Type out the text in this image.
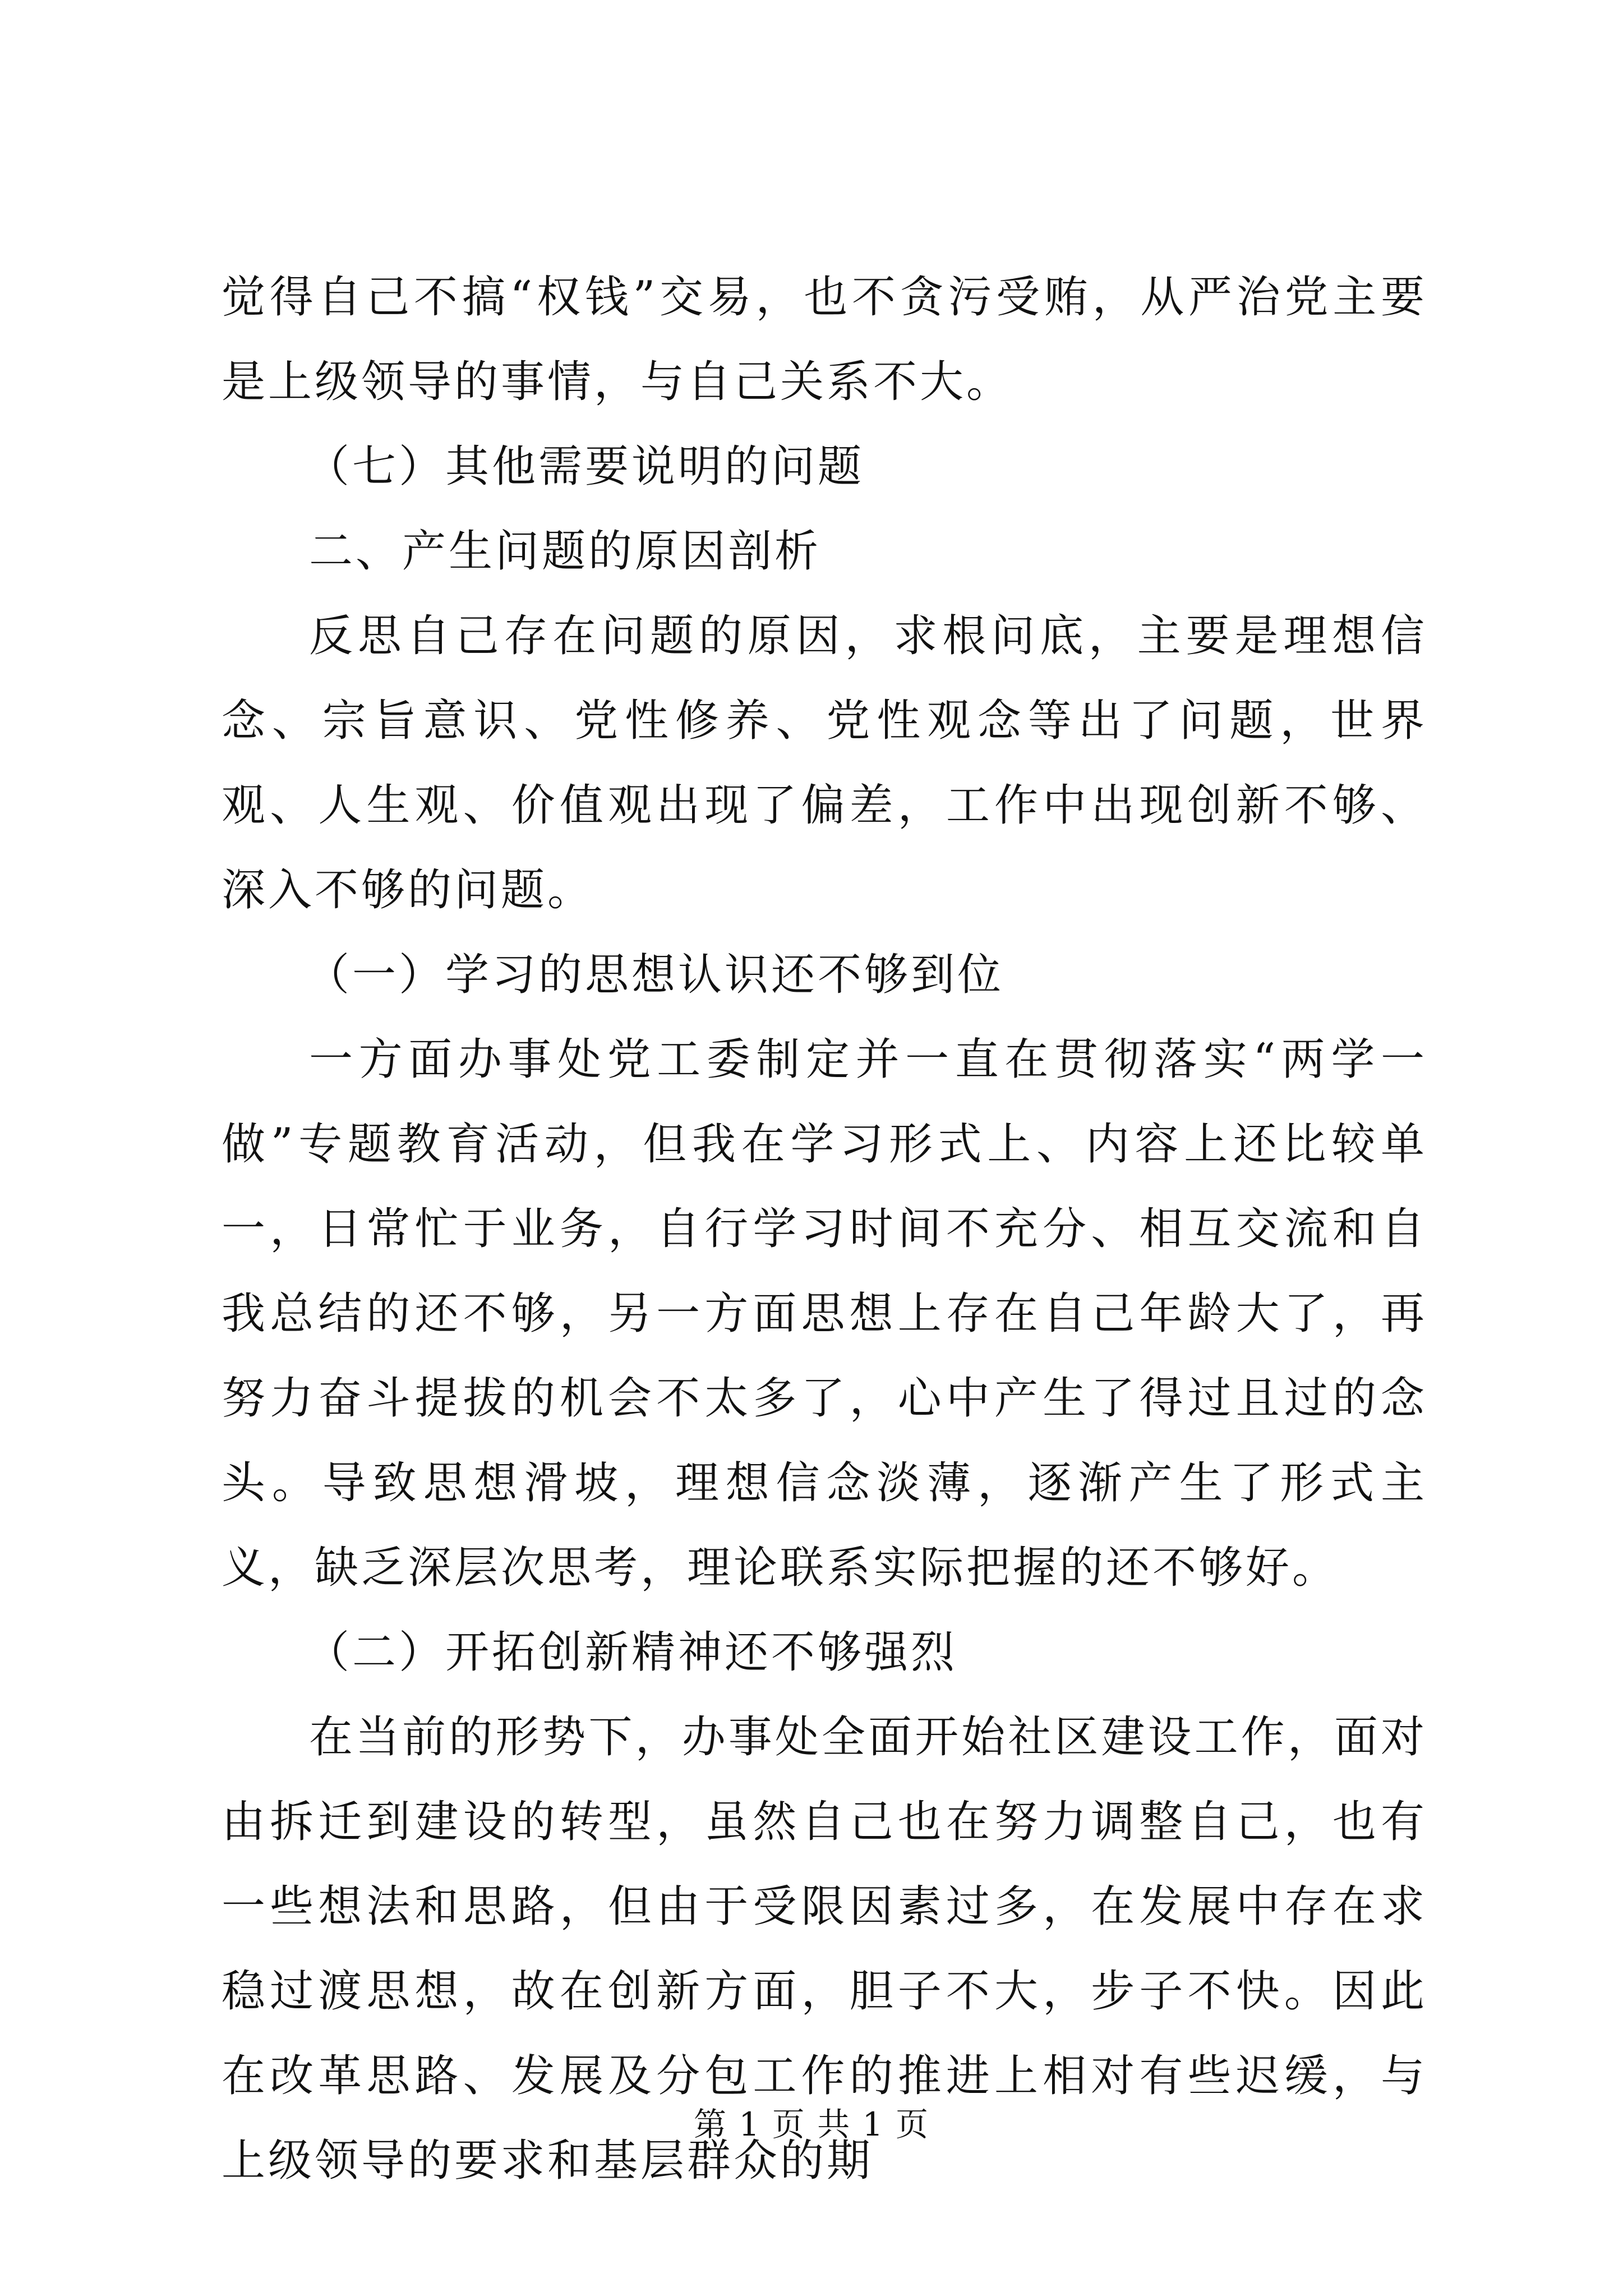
觉得自己不搞“权钱”交易，也不贪污受贿，从严治党主要是上级领导的事情，与自己关系不大。

（七）其他需要说明的问题

二、产生问题的原因剖析

反思自己存在问题的原因，求根问底，主要是理想信念、宗旨意识、党性修养、党性观念等出了问题，世界观、人生观、价值观出现了偏差，工作中出现创新不够、深入不够的问题。

（一）学习的思想认识还不够到位

一方面办事处党工委制定并一直在贯彻落实“两学一做”专题教育活动，但我在学习形式上、内容上还比较单一，日常忙于业务，自行学习时间不充分、相互交流和自我总结的还不够，另一方面思想上存在自己年龄大了，再努力奋斗提拔的机会不太多了，心中产生了得过且过的念头。导致思想滑坡，理想信念淡薄，逐渐产生了形式主义，缺乏深层次思考，理论联系实际把握的还不够好。

（二）开拓创新精神还不够强烈

在当前的形势下，办事处全面开始社区建设工作，面对由拆迁到建设的转型，虽然自己也在努力调整自己，也有一些想法和思路，但由于受限因素过多，在发展中存在求稳过渡思想，故在创新方面，胆子不大，步子不快。因此在改革思路、发展及分包工作的推进上相对有些迟缓，与上级领导的要求和基层群众的期

第 1 页 共 1 页
